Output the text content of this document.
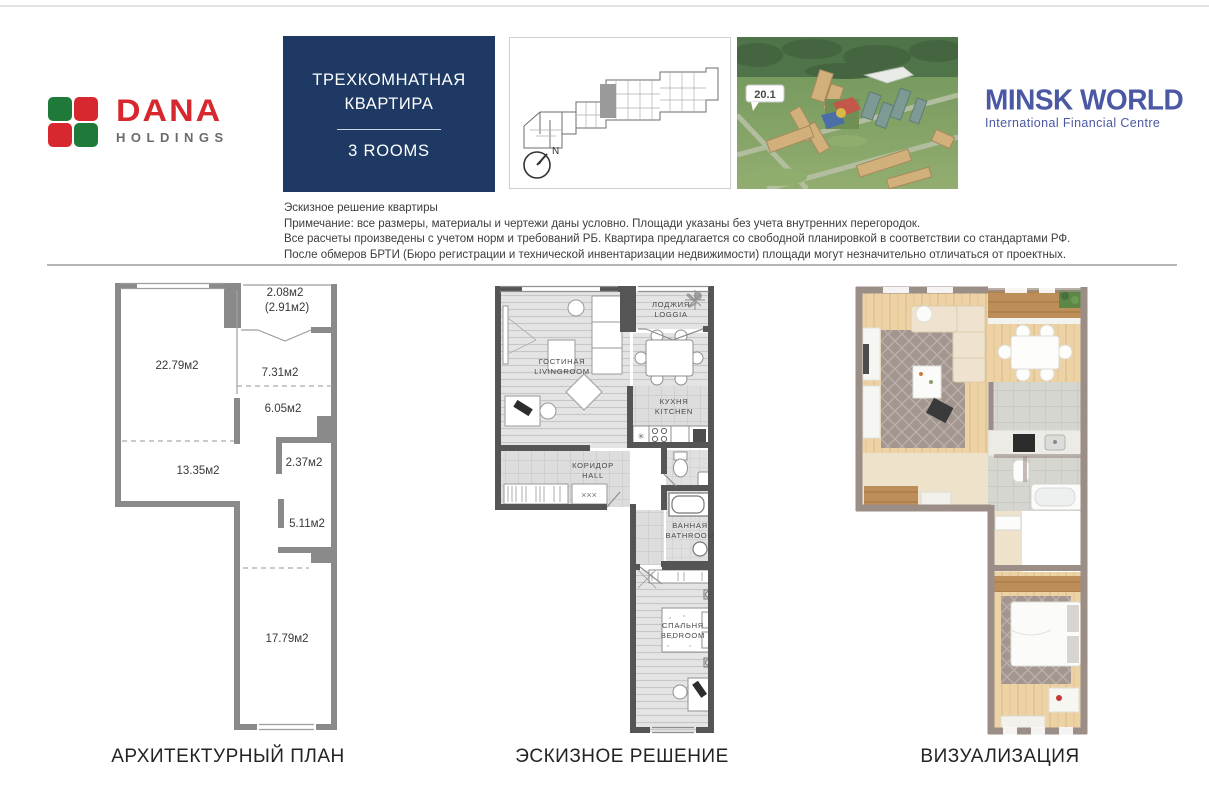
DANA
HOLDINGS
ТРЕХКОМНАТНАЯ
КВАРТИРА
3 ROOMS	N
20.1	MINSK WORLD
International Financial Centre
Эскизное решение квартиры
Примечание: все размеры, материалы и чертежи даны условно. Площади указаны без учета внутренних перегородок.
Все расчеты произведены с учетом норм и требований РБ. Квартира предлагается со свободной планировкой в соответствии со стандартами РФ.
После обмеров БРТИ (Бюро регистрации и технической инвентаризации недвижимости) площади могут незначительно отличаться от проектных.
2.08м2
(2.91м2)
22.79м2
7.31м2
6.05м2
2.37м2
13.35м2
5.11м2
17.79м2
✳
×××
ЛОДЖИЯ
LOGGIA
ГОСТИНАЯ
LIVINGROOM
КУХНЯ
KITCHEN
КОРИДОР
HALL
ВАННАЯ
BATHROOM
СПАЛЬНЯ
BEDROOM
АРХИТЕКТУРНЫЙ ПЛАН	ЭСКИЗНОЕ РЕШЕНИЕ	ВИЗУАЛИЗАЦИЯ
